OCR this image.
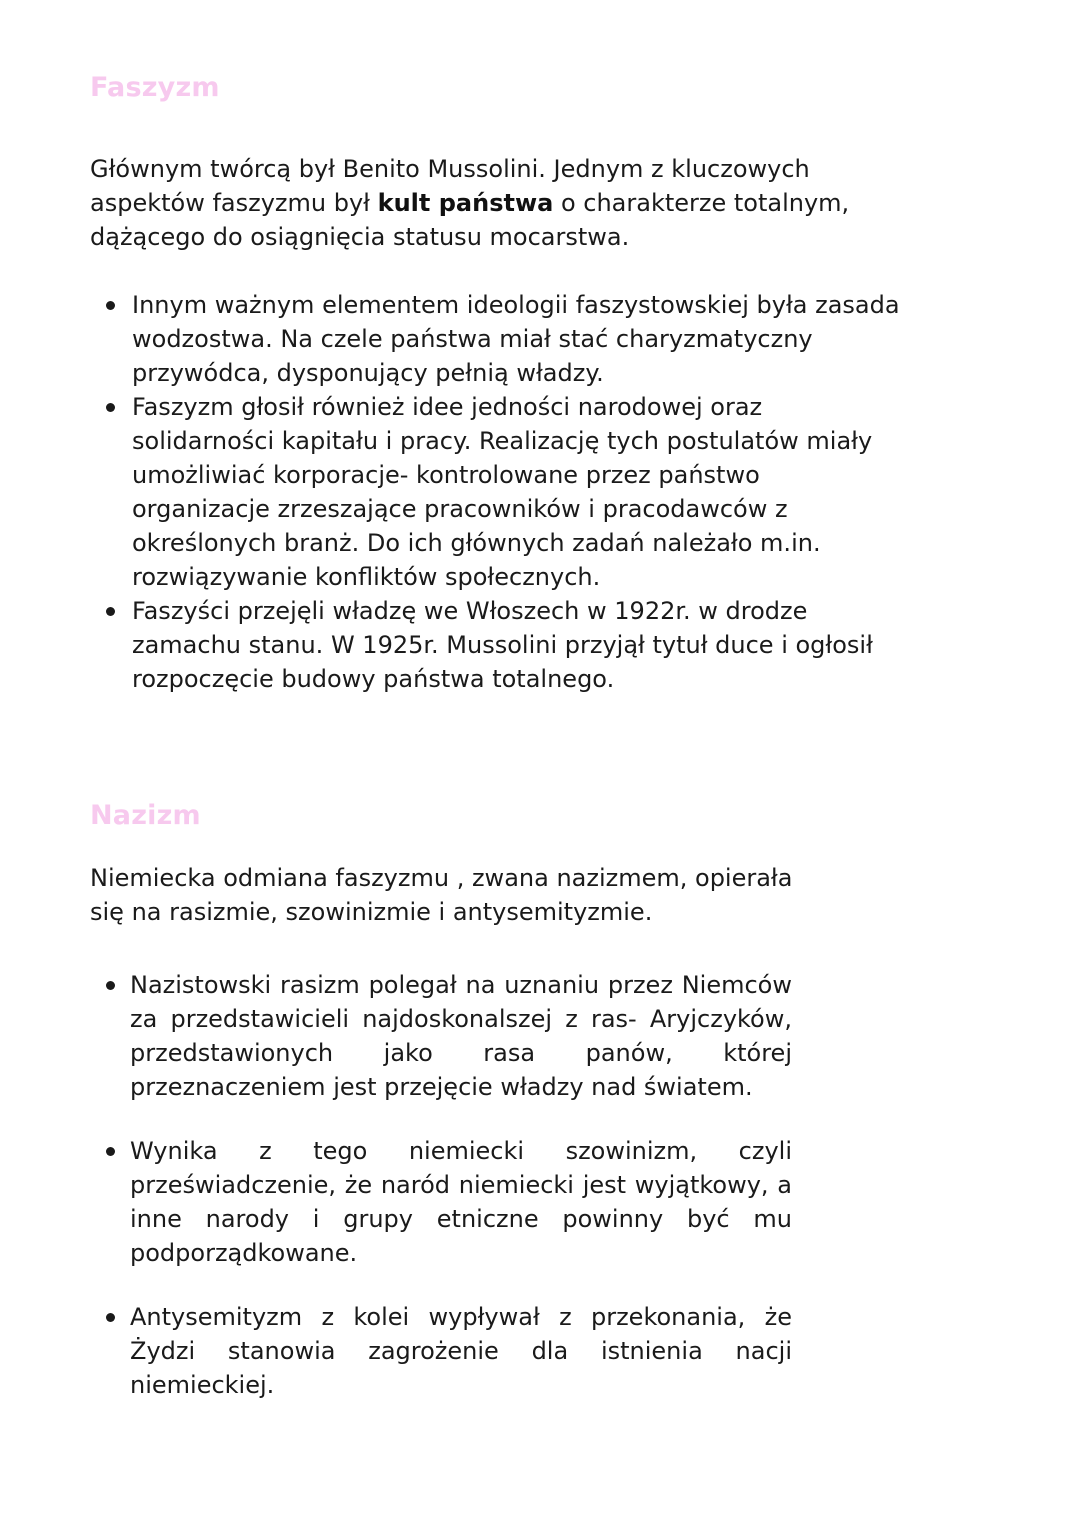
Faszyzm

Głównym twórcą był Benito Mussolini. Jednym z kluczowych aspektów faszyzmu był kult państwa o charakterze totalnym, dążącego do osiągnięcia statusu mocarstwa.

Innym ważnym elementem ideologii faszystowskiej była zasada wodzostwa. Na czele państwa miał stać charyzmatyczny przywódca, dysponujący pełnią władzy.
Faszyzm głosił również idee jedności narodowej oraz solidarności kapitału i pracy. Realizację tych postulatów miały umożliwiać korporacje- kontrolowane przez państwo organizacje zrzeszające pracowników i pracodawców z określonych branż. Do ich głównych zadań należało m.in. rozwiązywanie konfliktów społecznych.
Faszyści przejęli władzę we Włoszech w 1922r. w drodze zamachu stanu. W 1925r. Mussolini przyjął tytuł duce i ogłosił rozpoczęcie budowy państwa totalnego.
Nazizm

Niemiecka odmiana faszyzmu , zwana nazizmem, opierała się na rasizmie, szowinizmie i antysemityzmie.

Nazistowski rasizm polegał na uznaniu przez Niemców za przedstawicieli najdoskonalszej z ras- Aryjczyków, przedstawionych jako rasa panów, której przeznaczeniem jest przejęcie władzy nad światem.
Wynika z tego niemiecki szowinizm, czyli przeświadczenie, że naród niemiecki jest wyjątkowy, a inne narody i grupy etniczne powinny być mu podporządkowane.
Antysemityzm z kolei wypływał z przekonania, że Żydzi stanowia zagrożenie dla istnienia nacji niemieckiej.
